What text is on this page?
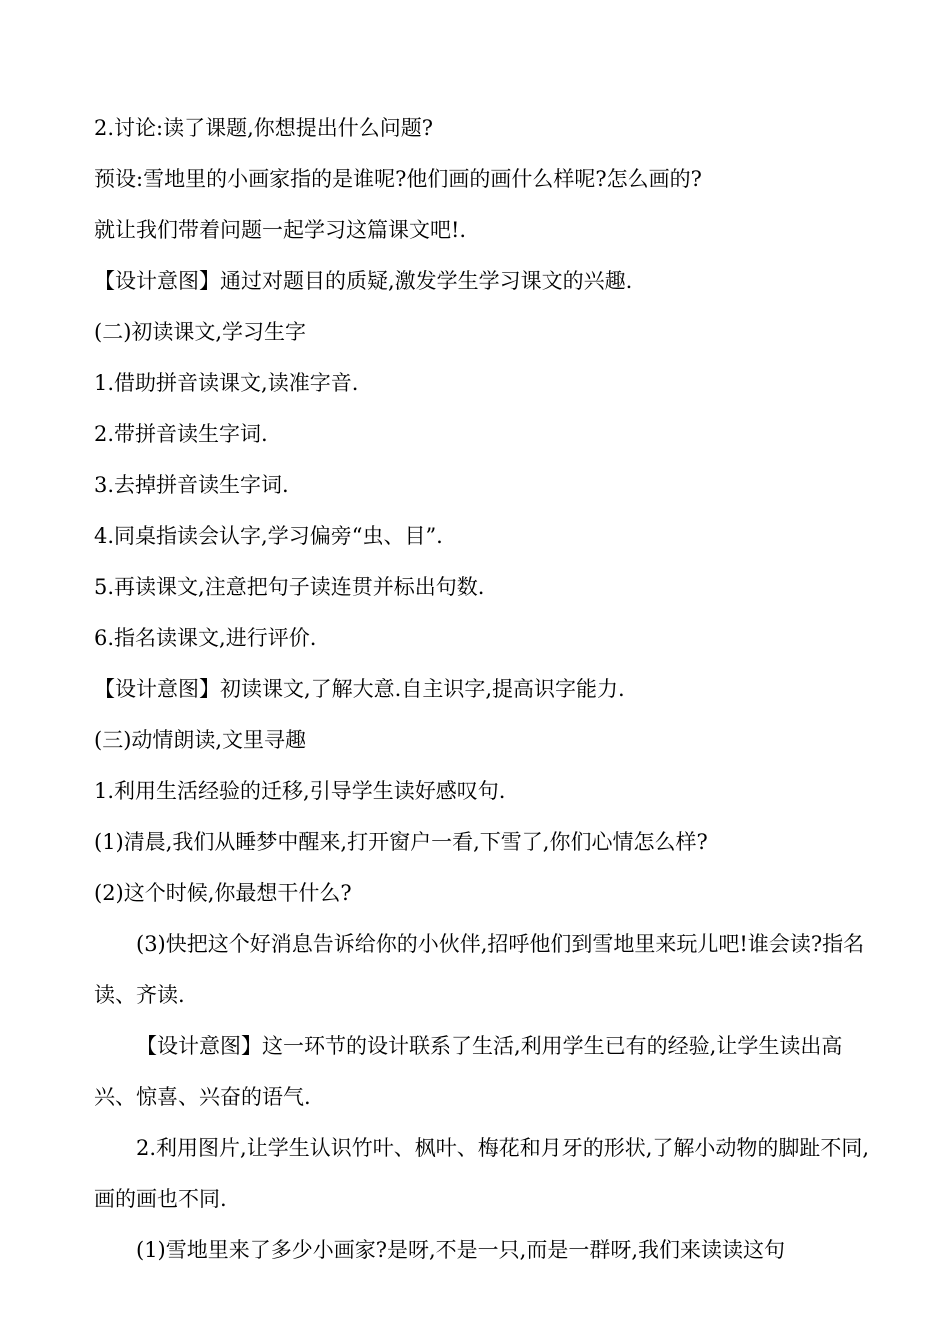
2.讨论:读了课题,你想提出什么问题?

预设:雪地里的小画家指的是谁呢?他们画的画什么样呢?怎么画的?

就让我们带着问题一起学习这篇课文吧!.

【设计意图】通过对题目的质疑,激发学生学习课文的兴趣.

(二)初读课文,学习生字

1.借助拼音读课文,读准字音.

2.带拼音读生字词.

3.去掉拼音读生字词.

4.同桌指读会认字,学习偏旁“虫、目”.

5.再读课文,注意把句子读连贯并标出句数.

6.指名读课文,进行评价.

【设计意图】初读课文,了解大意.自主识字,提高识字能力.

(三)动情朗读,文里寻趣

1.利用生活经验的迁移,引导学生读好感叹句.

(1)清晨,我们从睡梦中醒来,打开窗户一看,下雪了,你们心情怎么样?

(2)这个时候,你最想干什么?

(3)快把这个好消息告诉给你的小伙伴,招呼他们到雪地里来玩儿吧!谁会读?指名读、齐读.

【设计意图】这一环节的设计联系了生活,利用学生已有的经验,让学生读出高兴、惊喜、兴奋的语气.

2.利用图片,让学生认识竹叶、枫叶、梅花和月牙的形状,了解小动物的脚趾不同,画的画也不同.

(1)雪地里来了多少小画家?是呀,不是一只,而是一群呀,我们来读读这句
